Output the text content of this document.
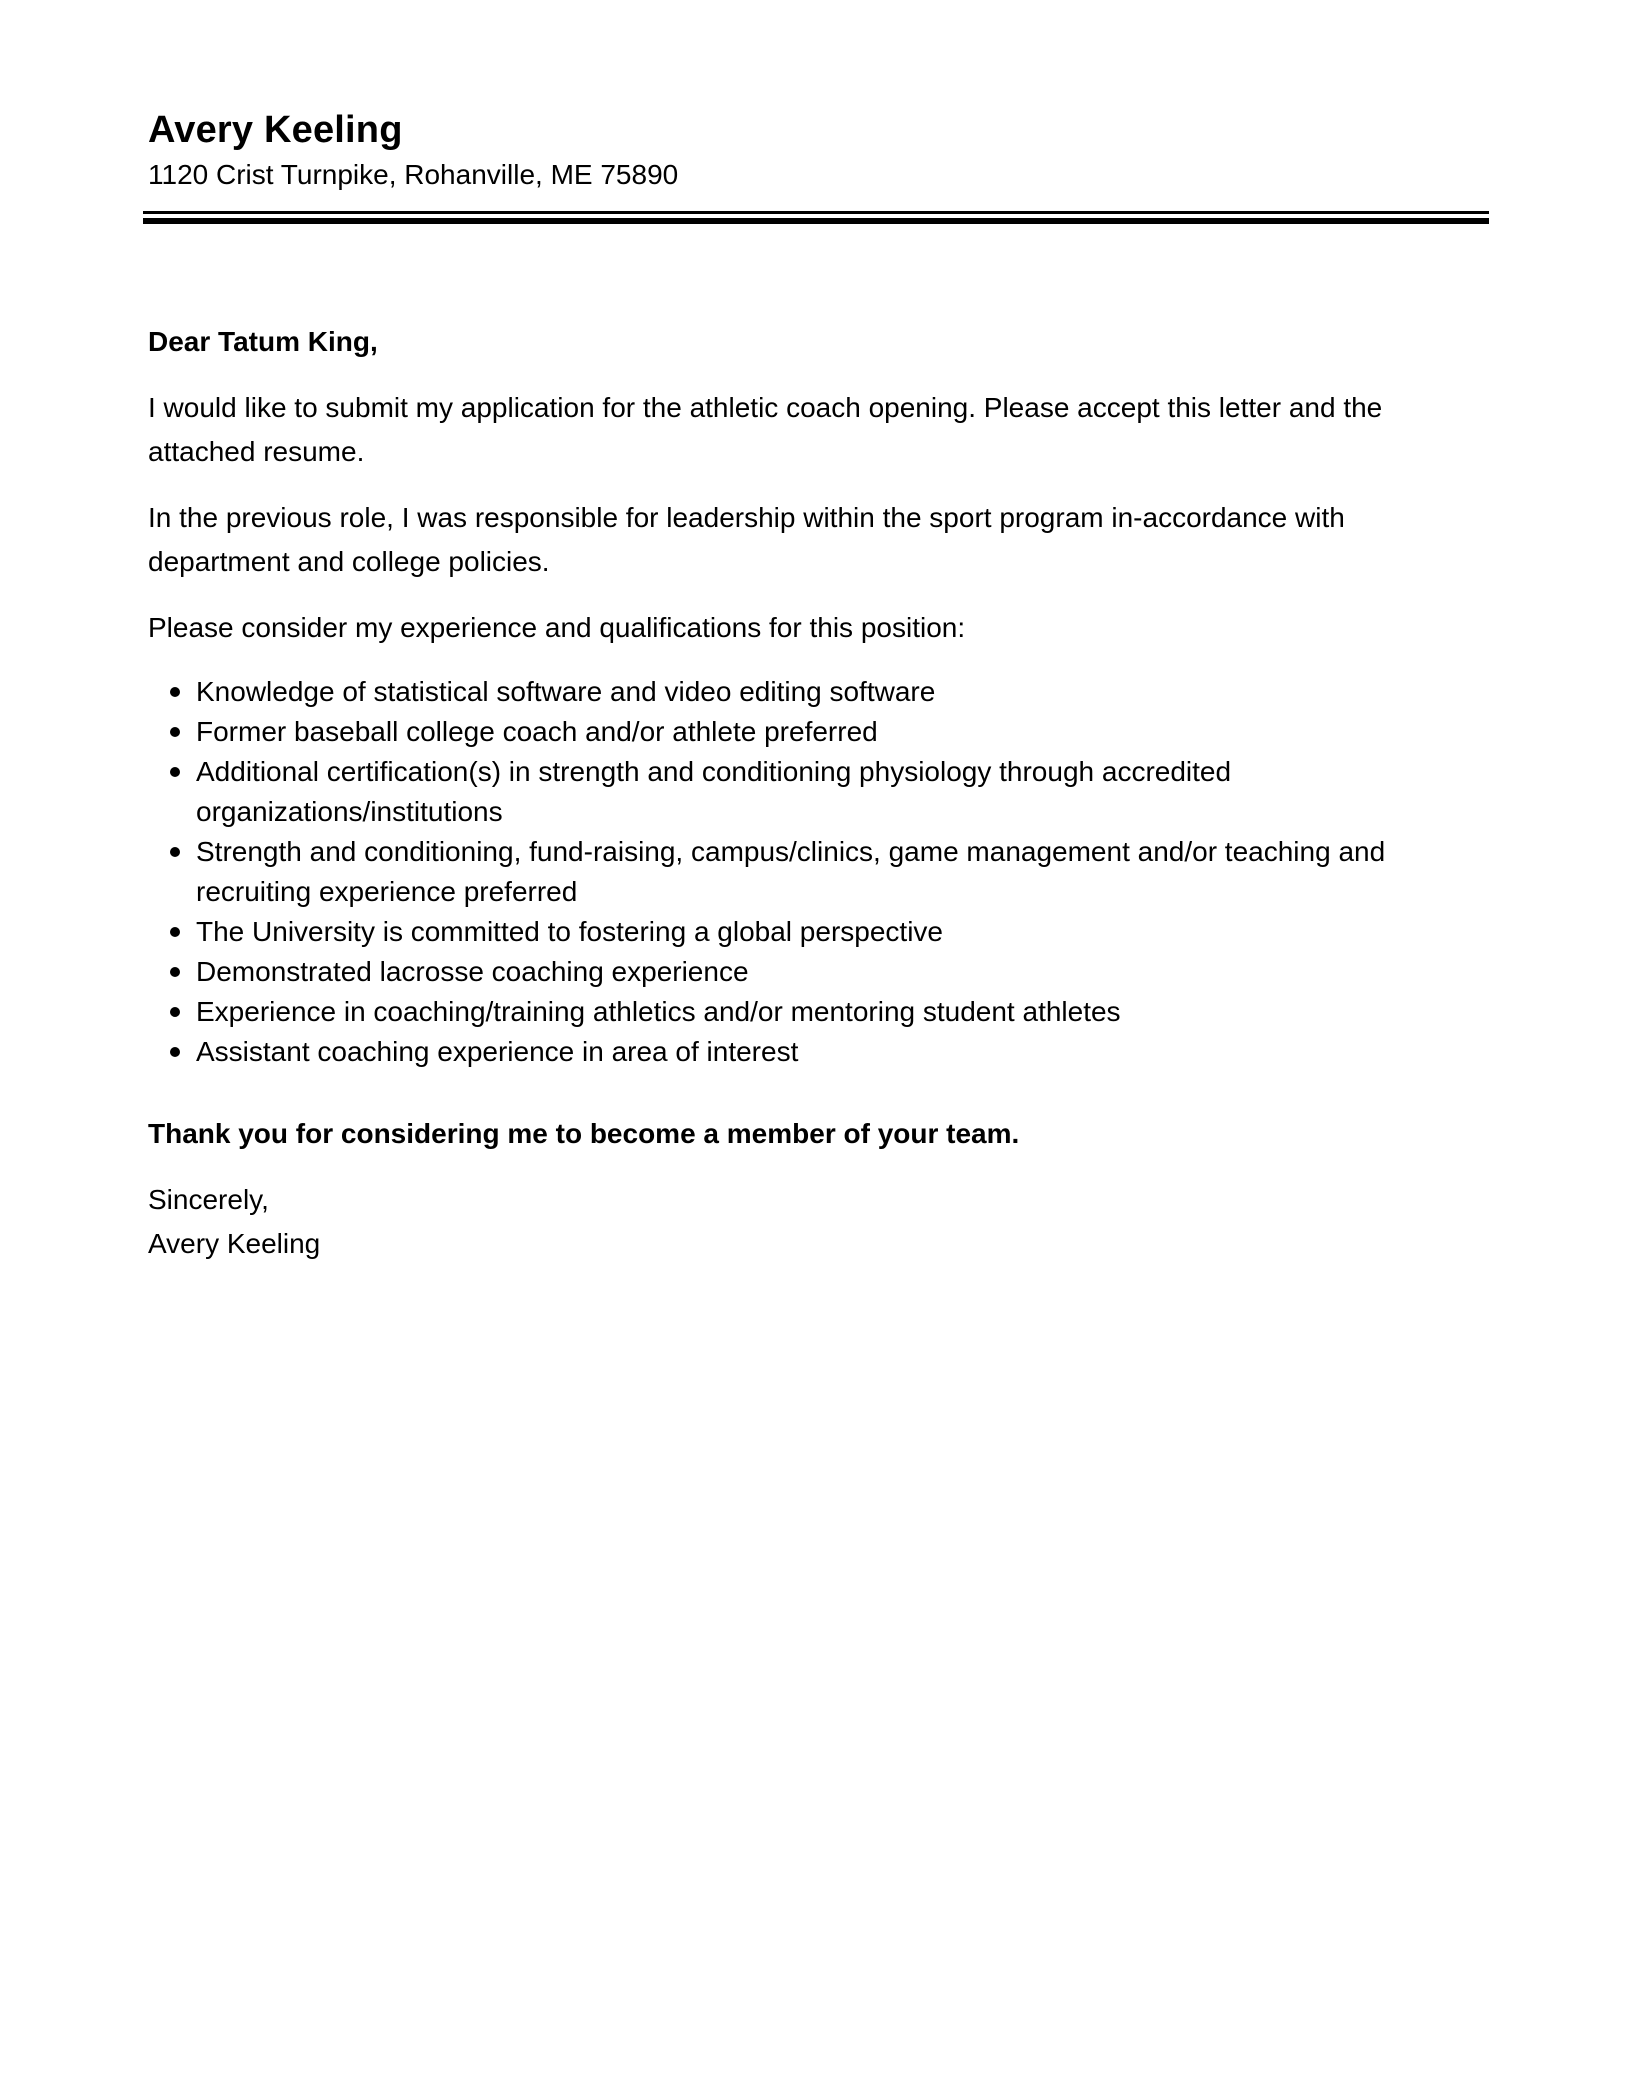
Avery Keeling
1120 Crist Turnpike, Rohanville, ME 75890

Dear Tatum King,

I would like to submit my application for the athletic coach opening. Please accept this letter and the attached resume.

In the previous role, I was responsible for leadership within the sport program in-accordance with department and college policies.

Please consider my experience and qualifications for this position:

Knowledge of statistical software and video editing software
Former baseball college coach and/or athlete preferred
Additional certification(s) in strength and conditioning physiology through accredited organizations/institutions
Strength and conditioning, fund-raising, campus/clinics, game management and/or teaching and recruiting experience preferred
The University is committed to fostering a global perspective
Demonstrated lacrosse coaching experience
Experience in coaching/training athletics and/or mentoring student athletes
Assistant coaching experience in area of interest

Thank you for considering me to become a member of your team.

Sincerely,
Avery Keeling
